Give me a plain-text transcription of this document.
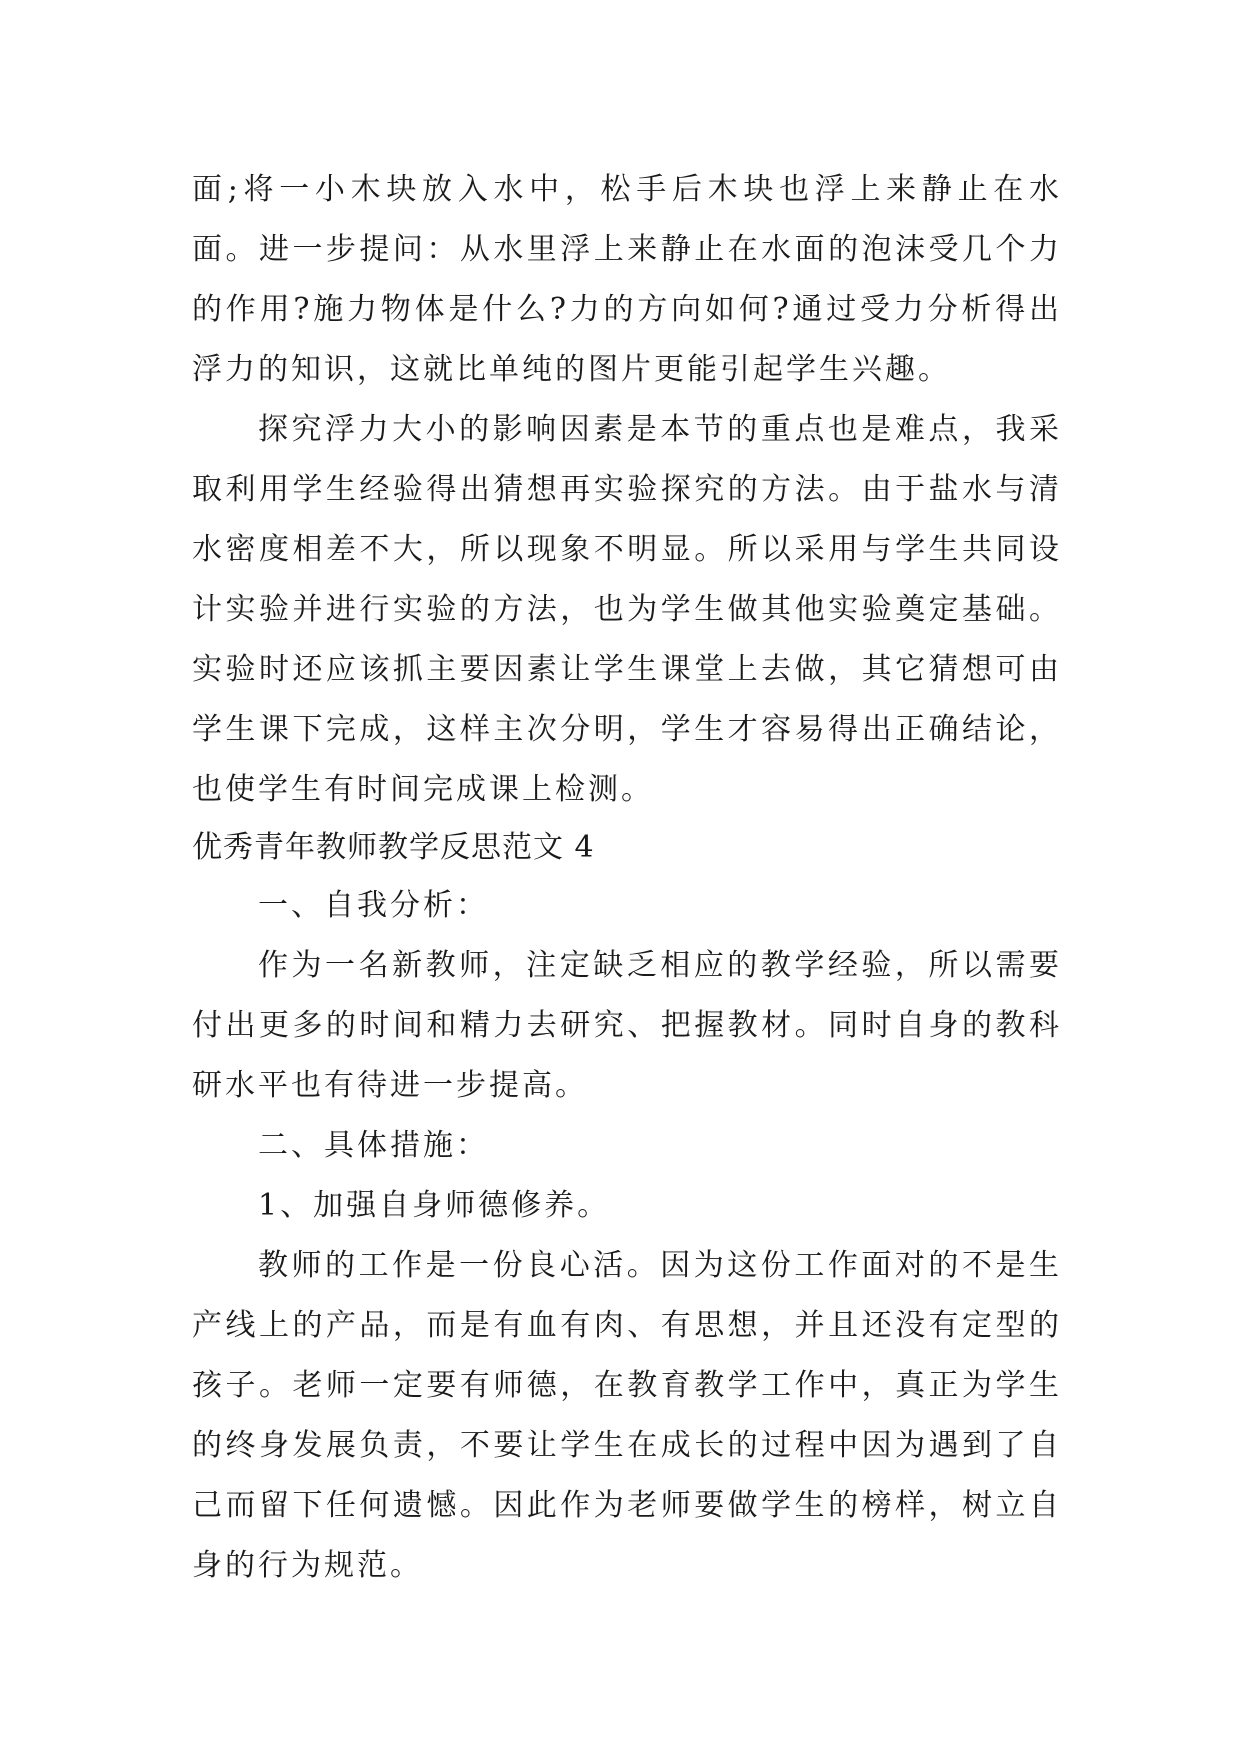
面;将一小木块放入水中，松手后木块也浮上来静止在水面。进一步提问：从水里浮上来静止在水面的泡沫受几个力的作用?施力物体是什么?力的方向如何?通过受力分析得出浮力的知识，这就比单纯的图片更能引起学生兴趣。

探究浮力大小的影响因素是本节的重点也是难点，我采取利用学生经验得出猜想再实验探究的方法。由于盐水与清水密度相差不大，所以现象不明显。所以采用与学生共同设计实验并进行实验的方法，也为学生做其他实验奠定基础。实验时还应该抓主要因素让学生课堂上去做，其它猜想可由学生课下完成，这样主次分明，学生才容易得出正确结论，也使学生有时间完成课上检测。

优秀青年教师教学反思范文 4

一、自我分析：

作为一名新教师，注定缺乏相应的教学经验，所以需要付出更多的时间和精力去研究、把握教材。同时自身的教科研水平也有待进一步提高。

二、具体措施：

1、加强自身师德修养。

教师的工作是一份良心活。因为这份工作面对的不是生产线上的产品，而是有血有肉、有思想，并且还没有定型的孩子。老师一定要有师德，在教育教学工作中，真正为学生的终身发展负责，不要让学生在成长的过程中因为遇到了自己而留下任何遗憾。因此作为老师要做学生的榜样，树立自身的行为规范。
